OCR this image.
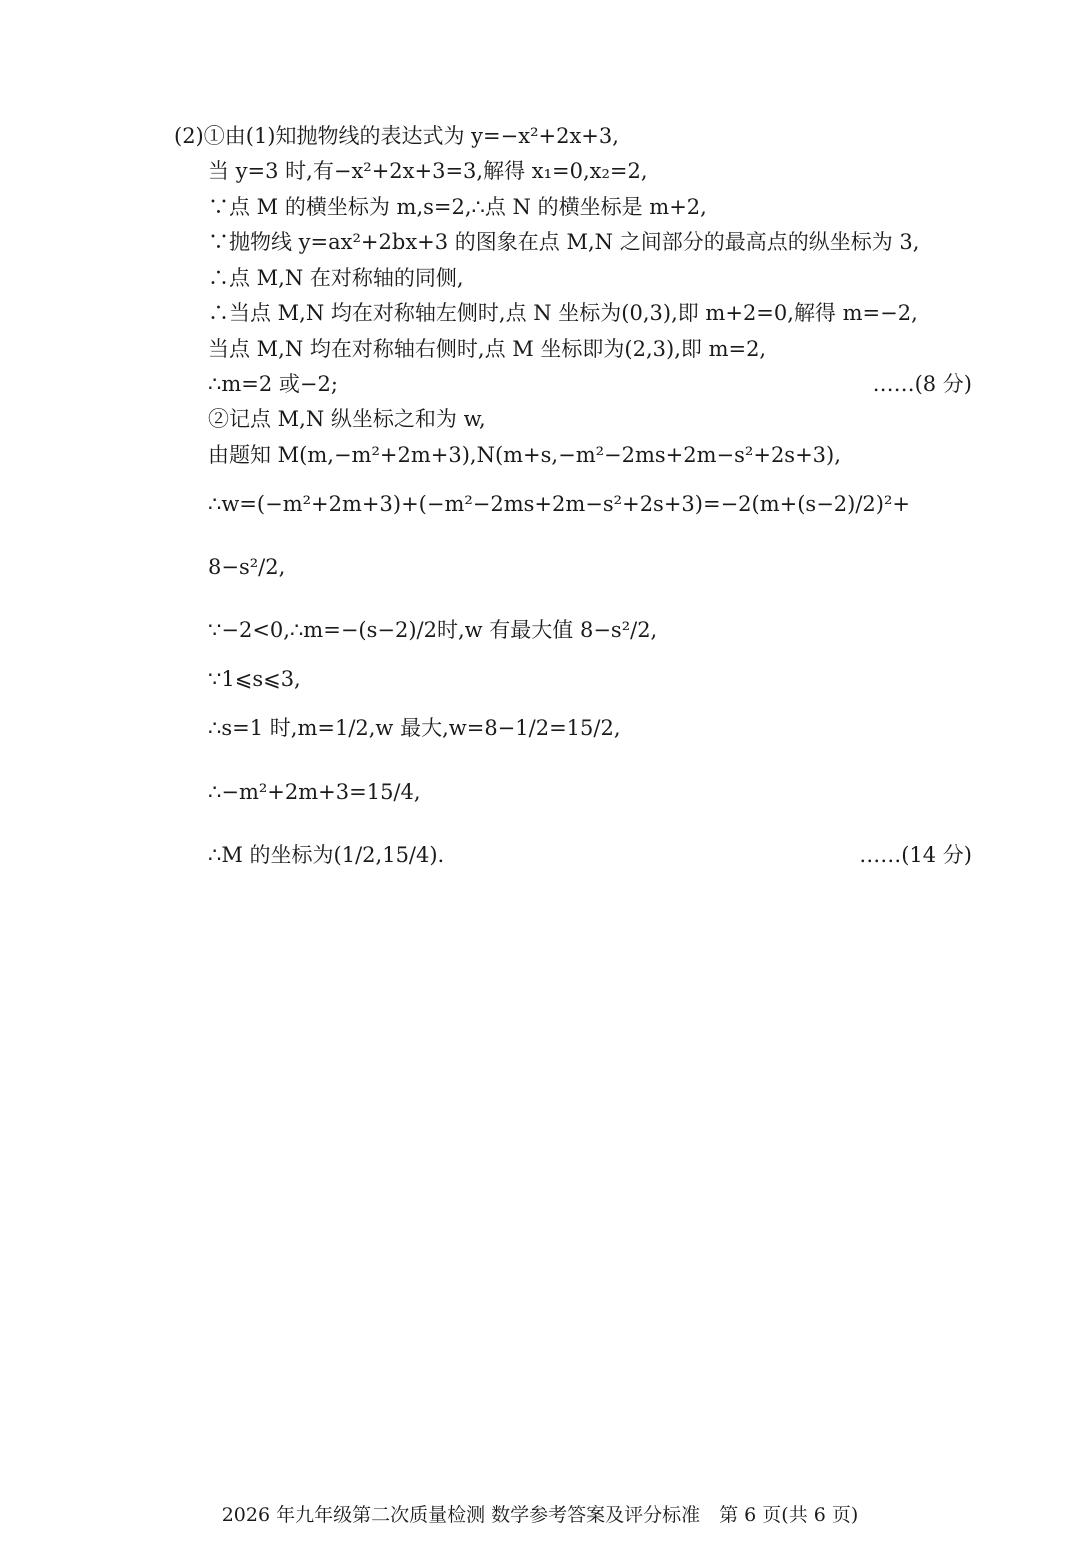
(2)①由(1)知抛物线的表达式为 y=−x²+2x+3,
当 y=3 时,有−x²+2x+3=3,解得 x₁=0,x₂=2,
∵点 M 的横坐标为 m,s=2,∴点 N 的横坐标是 m+2,
∵抛物线 y=ax²+2bx+3 的图象在点 M,N 之间部分的最高点的纵坐标为 3,
∴点 M,N 在对称轴的同侧,
∴当点 M,N 均在对称轴左侧时,点 N 坐标为(0,3),即 m+2=0,解得 m=−2,
当点 M,N 均在对称轴右侧时,点 M 坐标即为(2,3),即 m=2,
∴m=2 或−2;	……(8 分)
②记点 M,N 纵坐标之和为 w,
由题知 M(m,−m²+2m+3),N(m+s,−m²−2ms+2m−s²+2s+3),
∴w=(−m²+2m+3)+(−m²−2ms+2m−s²+2s+3)=−2(m+(s−2)/2)²+
8−s²/2,
∵−2<0,∴m=−(s−2)/2时,w 有最大值 8−s²/2,
∵1⩽s⩽3,
∴s=1 时,m=1/2,w 最大,w=8−1/2=15/2,
∴−m²+2m+3=15/4,
∴M 的坐标为(1/2,15/4).	……(14 分)
2026 年九年级第二次质量检测 数学参考答案及评分标准　第 6 页(共 6 页)
